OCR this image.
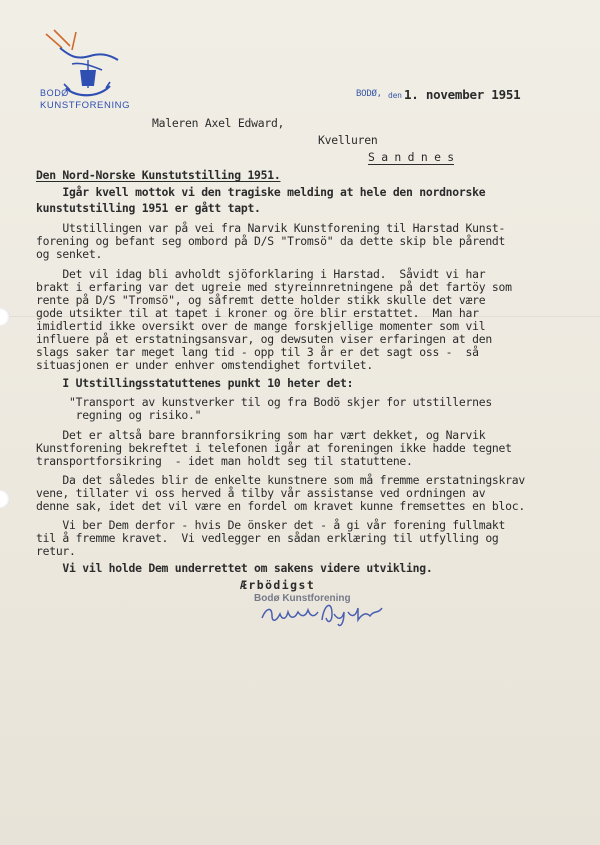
BODØ
KUNSTFORENING
BODØ, den 1. november 1951
Maleren Axel Edward,
Kvelluren
S a n d n e s
Den Nord-Norske Kunstutstilling 1951.
Igår kvell mottok vi den tragiske melding at hele den nordnorske
kunstutstilling 1951 er gått tapt.
Utstillingen var på vei fra Narvik Kunstforening til Harstad Kunst-
forening og befant seg ombord på D/S "Tromsö" da dette skip ble pårendt
og senket.
Det vil idag bli avholdt sjöforklaring i Harstad.  Såvidt vi har
brakt i erfaring var det ugreie med styreinnretningene på det fartöy som
rente på D/S "Tromsö", og såfremt dette holder stikk skulle det være
gode utsikter til at tapet i kroner og öre blir erstattet.  Man har
imidlertid ikke oversikt over de mange forskjellige momenter som vil
influere på et erstatningsansvar, og dewsuten viser erfaringen at den
slags saker tar meget lang tid - opp til 3 år er det sagt oss -  så
situasjonen er under enhver omstendighet fortvilet.
I Utstillingsstatuttenes punkt 10 heter det:
"Transport av kunstverker til og fra Bodö skjer for utstillernes
regning og risiko."
Det er altså bare brannforsikring som har vært dekket, og Narvik
Kunstforening bekreftet i telefonen igår at foreningen ikke hadde tegnet
transportforsikring  - idet man holdt seg til statuttene.
Da det således blir de enkelte kunstnere som må fremme erstatningskrav
vene, tillater vi oss herved å tilby vår assistanse ved ordningen av
denne sak, idet det vil være en fordel om kravet kunne fremsettes en bloc.
Vi ber Dem derfor - hvis De önsker det - å gi vår forening fullmakt
til å fremme kravet.  Vi vedlegger en sådan erklæring til utfylling og
retur.
Vi vil holde Dem underrettet om sakens videre utvikling.
Ærbödigst
Bodø Kunstforening
